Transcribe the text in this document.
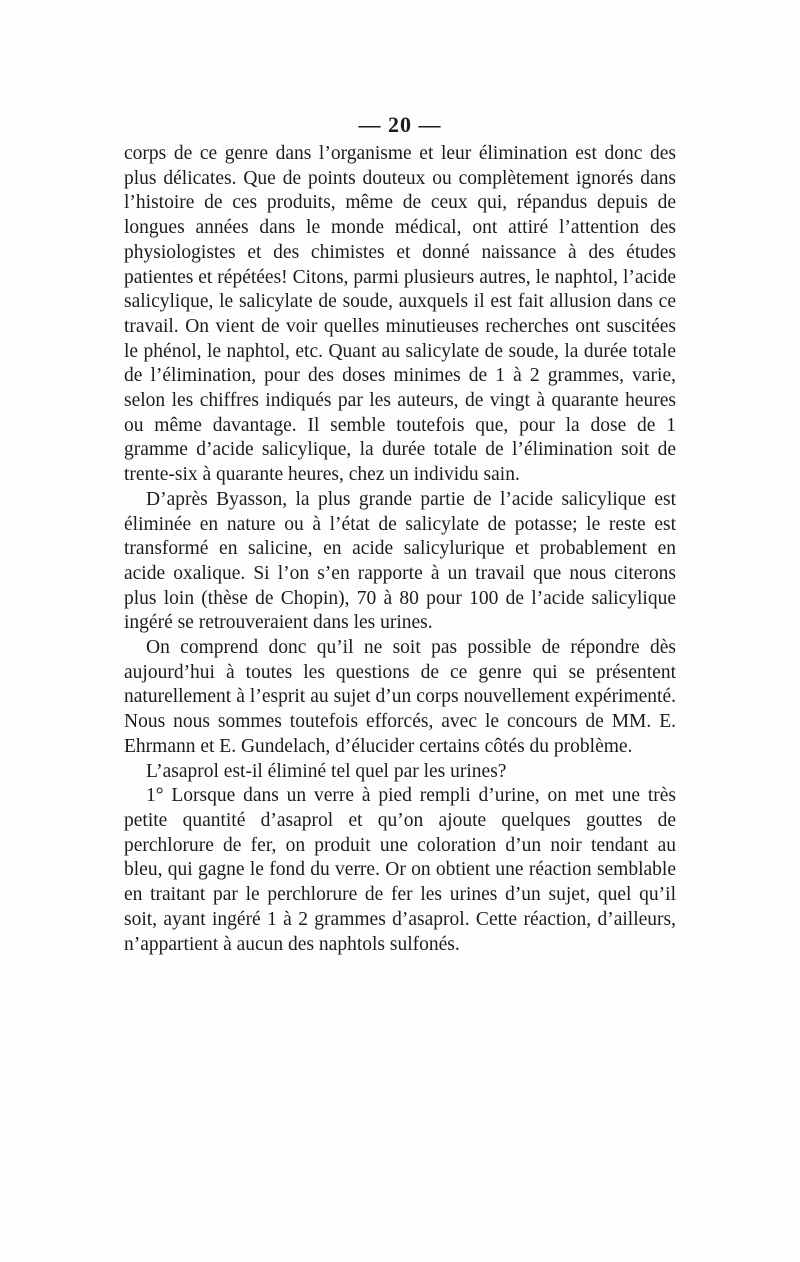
— 20 —

corps de ce genre dans l’organisme et leur élimination est donc des plus délicates. Que de points douteux ou complètement ignorés dans l’histoire de ces produits, même de ceux qui, répandus depuis de longues années dans le monde médical, ont attiré l’attention des physiologistes et des chimistes et donné naissance à des études patientes et répétées! Citons, parmi plusieurs autres, le naphtol, l’acide salicylique, le salicylate de soude, auxquels il est fait allusion dans ce travail. On vient de voir quelles minutieuses recherches ont suscitées le phénol, le naphtol, etc. Quant au salicylate de soude, la durée totale de l’élimination, pour des doses minimes de 1 à 2 grammes, varie, selon les chiffres indiqués par les auteurs, de vingt à quarante heures ou même davantage. Il semble toutefois que, pour la dose de 1 gramme d’acide salicylique, la durée totale de l’élimination soit de trente-six à quarante heures, chez un individu sain.

D’après Byasson, la plus grande partie de l’acide salicylique est éliminée en nature ou à l’état de salicylate de potasse; le reste est transformé en salicine, en acide salicylurique et probablement en acide oxalique. Si l’on s’en rapporte à un travail que nous citerons plus loin (thèse de Chopin), 70 à 80 pour 100 de l’acide salicylique ingéré se retrouveraient dans les urines.

On comprend donc qu’il ne soit pas possible de répondre dès aujourd’hui à toutes les questions de ce genre qui se présentent naturellement à l’esprit au sujet d’un corps nouvellement expérimenté. Nous nous sommes toutefois efforcés, avec le concours de MM. E. Ehrmann et E. Gundelach, d’élucider certains côtés du problème.

L’asaprol est-il éliminé tel quel par les urines?

1° Lorsque dans un verre à pied rempli d’urine, on met une très petite quantité d’asaprol et qu’on ajoute quelques gouttes de perchlorure de fer, on produit une coloration d’un noir tendant au bleu, qui gagne le fond du verre. Or on obtient une réaction semblable en traitant par le perchlorure de fer les urines d’un sujet, quel qu’il soit, ayant ingéré 1 à 2 grammes d’asaprol. Cette réaction, d’ailleurs, n’appartient à aucun des naphtols sulfonés.
